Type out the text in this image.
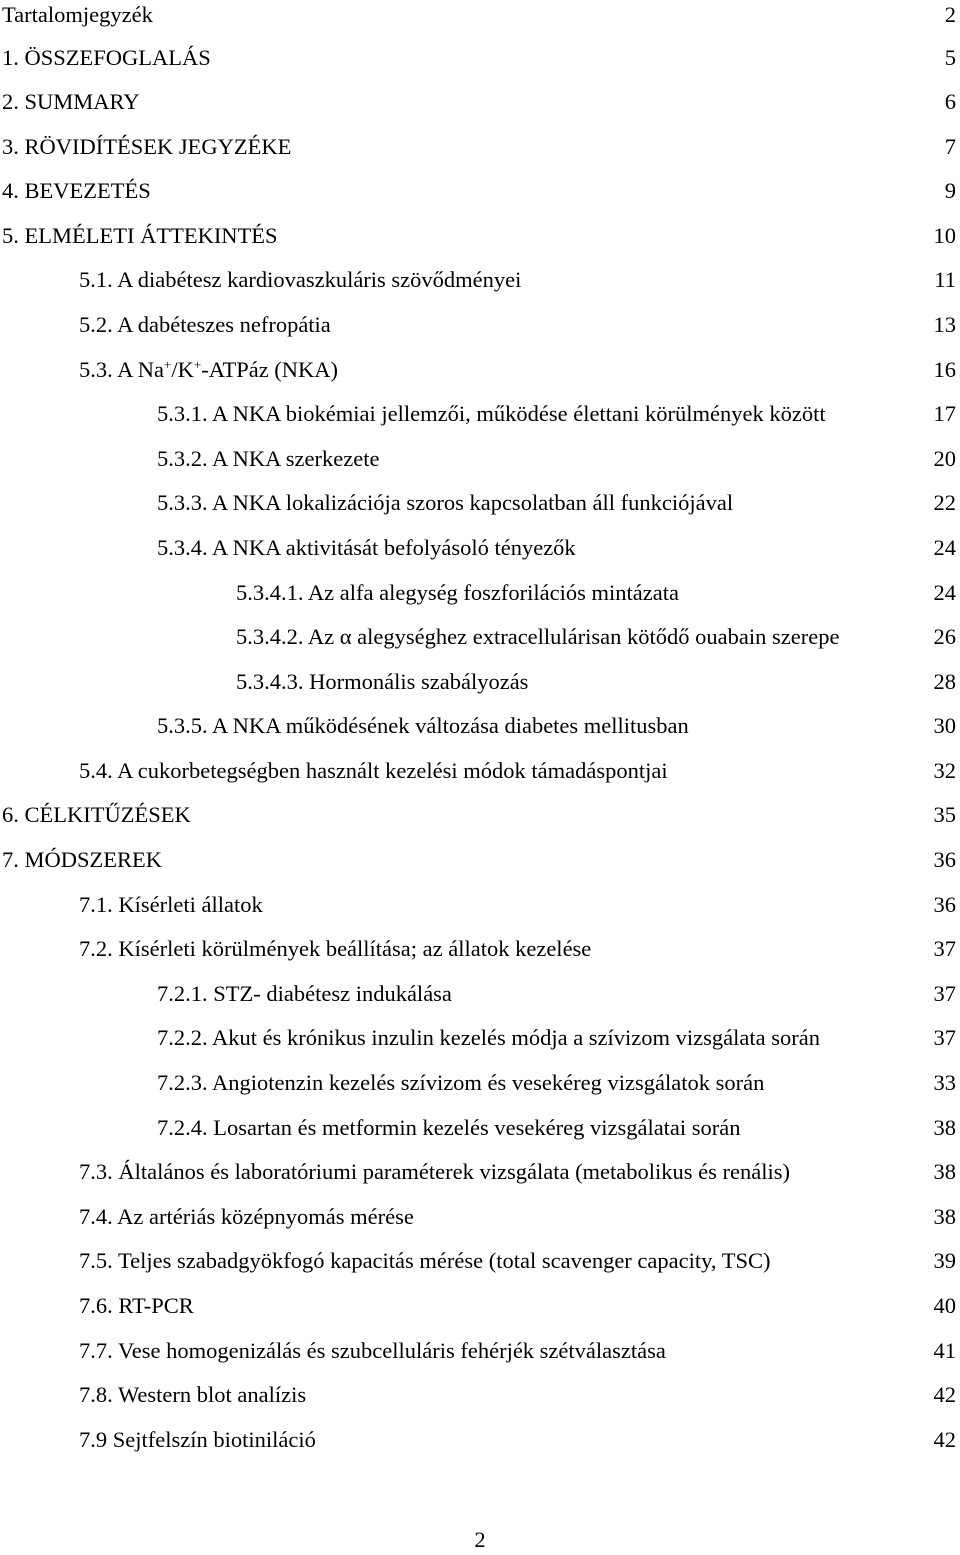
Tartalomjegyzék	2
1. ÖSSZEFOGLALÁS	5
2. SUMMARY	6
3. RÖVIDÍTÉSEK JEGYZÉKE	7
4. BEVEZETÉS	9
5. ELMÉLETI ÁTTEKINTÉS	10
5.1. A diabétesz kardiovaszkuláris szövődményei	11
5.2. A dabéteszes nefropátia	13
5.3. A Na+/K+-ATPáz (NKA)	16
5.3.1. A NKA biokémiai jellemzői, működése élettani körülmények között	17
5.3.2. A NKA szerkezete	20
5.3.3. A NKA lokalizációja szoros kapcsolatban áll funkciójával	22
5.3.4. A NKA aktivitását befolyásoló tényezők	24
5.3.4.1. Az alfa alegység foszforilációs mintázata	24
5.3.4.2. Az α alegységhez extracellulárisan kötődő ouabain szerepe	26
5.3.4.3. Hormonális szabályozás	28
5.3.5. A NKA működésének változása diabetes mellitusban	30
5.4. A cukorbetegségben használt kezelési módok támadáspontjai	32
6. CÉLKITŰZÉSEK	35
7. MÓDSZEREK	36
7.1. Kísérleti állatok	36
7.2. Kísérleti körülmények beállítása; az állatok kezelése	37
7.2.1. STZ- diabétesz indukálása	37
7.2.2. Akut és krónikus inzulin kezelés módja a szívizom vizsgálata során	37
7.2.3. Angiotenzin kezelés szívizom és vesekéreg vizsgálatok során	33
7.2.4. Losartan és metformin kezelés vesekéreg vizsgálatai során	38
7.3. Általános és laboratóriumi paraméterek vizsgálata (metabolikus és renális)	38
7.4. Az artériás középnyomás mérése	38
7.5. Teljes szabadgyökfogó kapacitás mérése (total scavenger capacity, TSC)	39
7.6. RT-PCR	40
7.7. Vese homogenizálás és szubcelluláris fehérjék szétválasztása	41
7.8. Western blot analízis	42
7.9 Sejtfelszín biotiniláció	42
2
